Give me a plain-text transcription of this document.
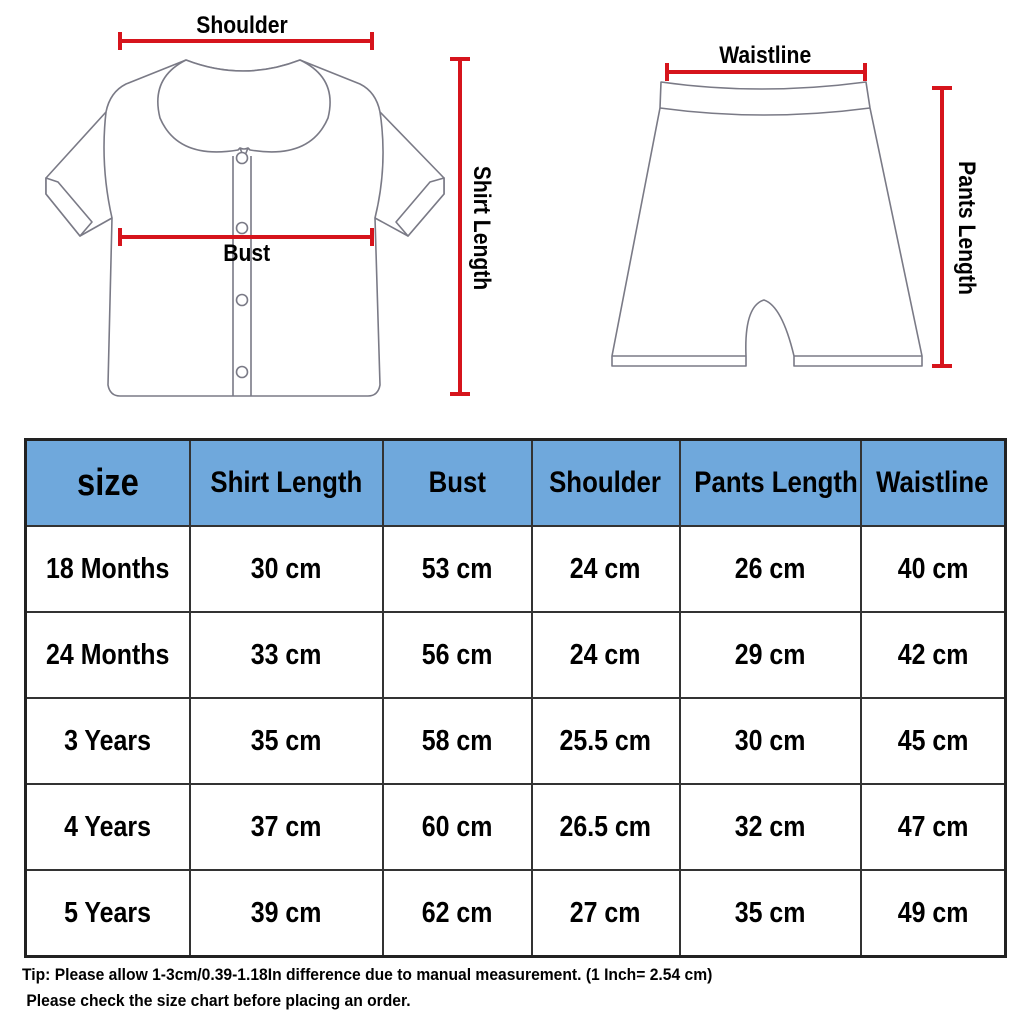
Shoulder
Bust	Shirt Length
Waistline
Pants Length
size	Shirt Length	Bust	Shoulder	Pants Length	Waistline
18 Months	30 cm	53 cm	24 cm	26 cm	40 cm
24 Months	33 cm	56 cm	24 cm	29 cm	42 cm
3 Years	35 cm	58 cm	25.5 cm	30 cm	45 cm
4 Years	37 cm	60 cm	26.5 cm	32 cm	47 cm
5 Years	39 cm	62 cm	27 cm	35 cm	49 cm
Tip: Please allow 1-3cm/0.39-1.18In difference due to manual measurement. (1 Inch= 2.54 cm)
Please check the size chart before placing an order.
